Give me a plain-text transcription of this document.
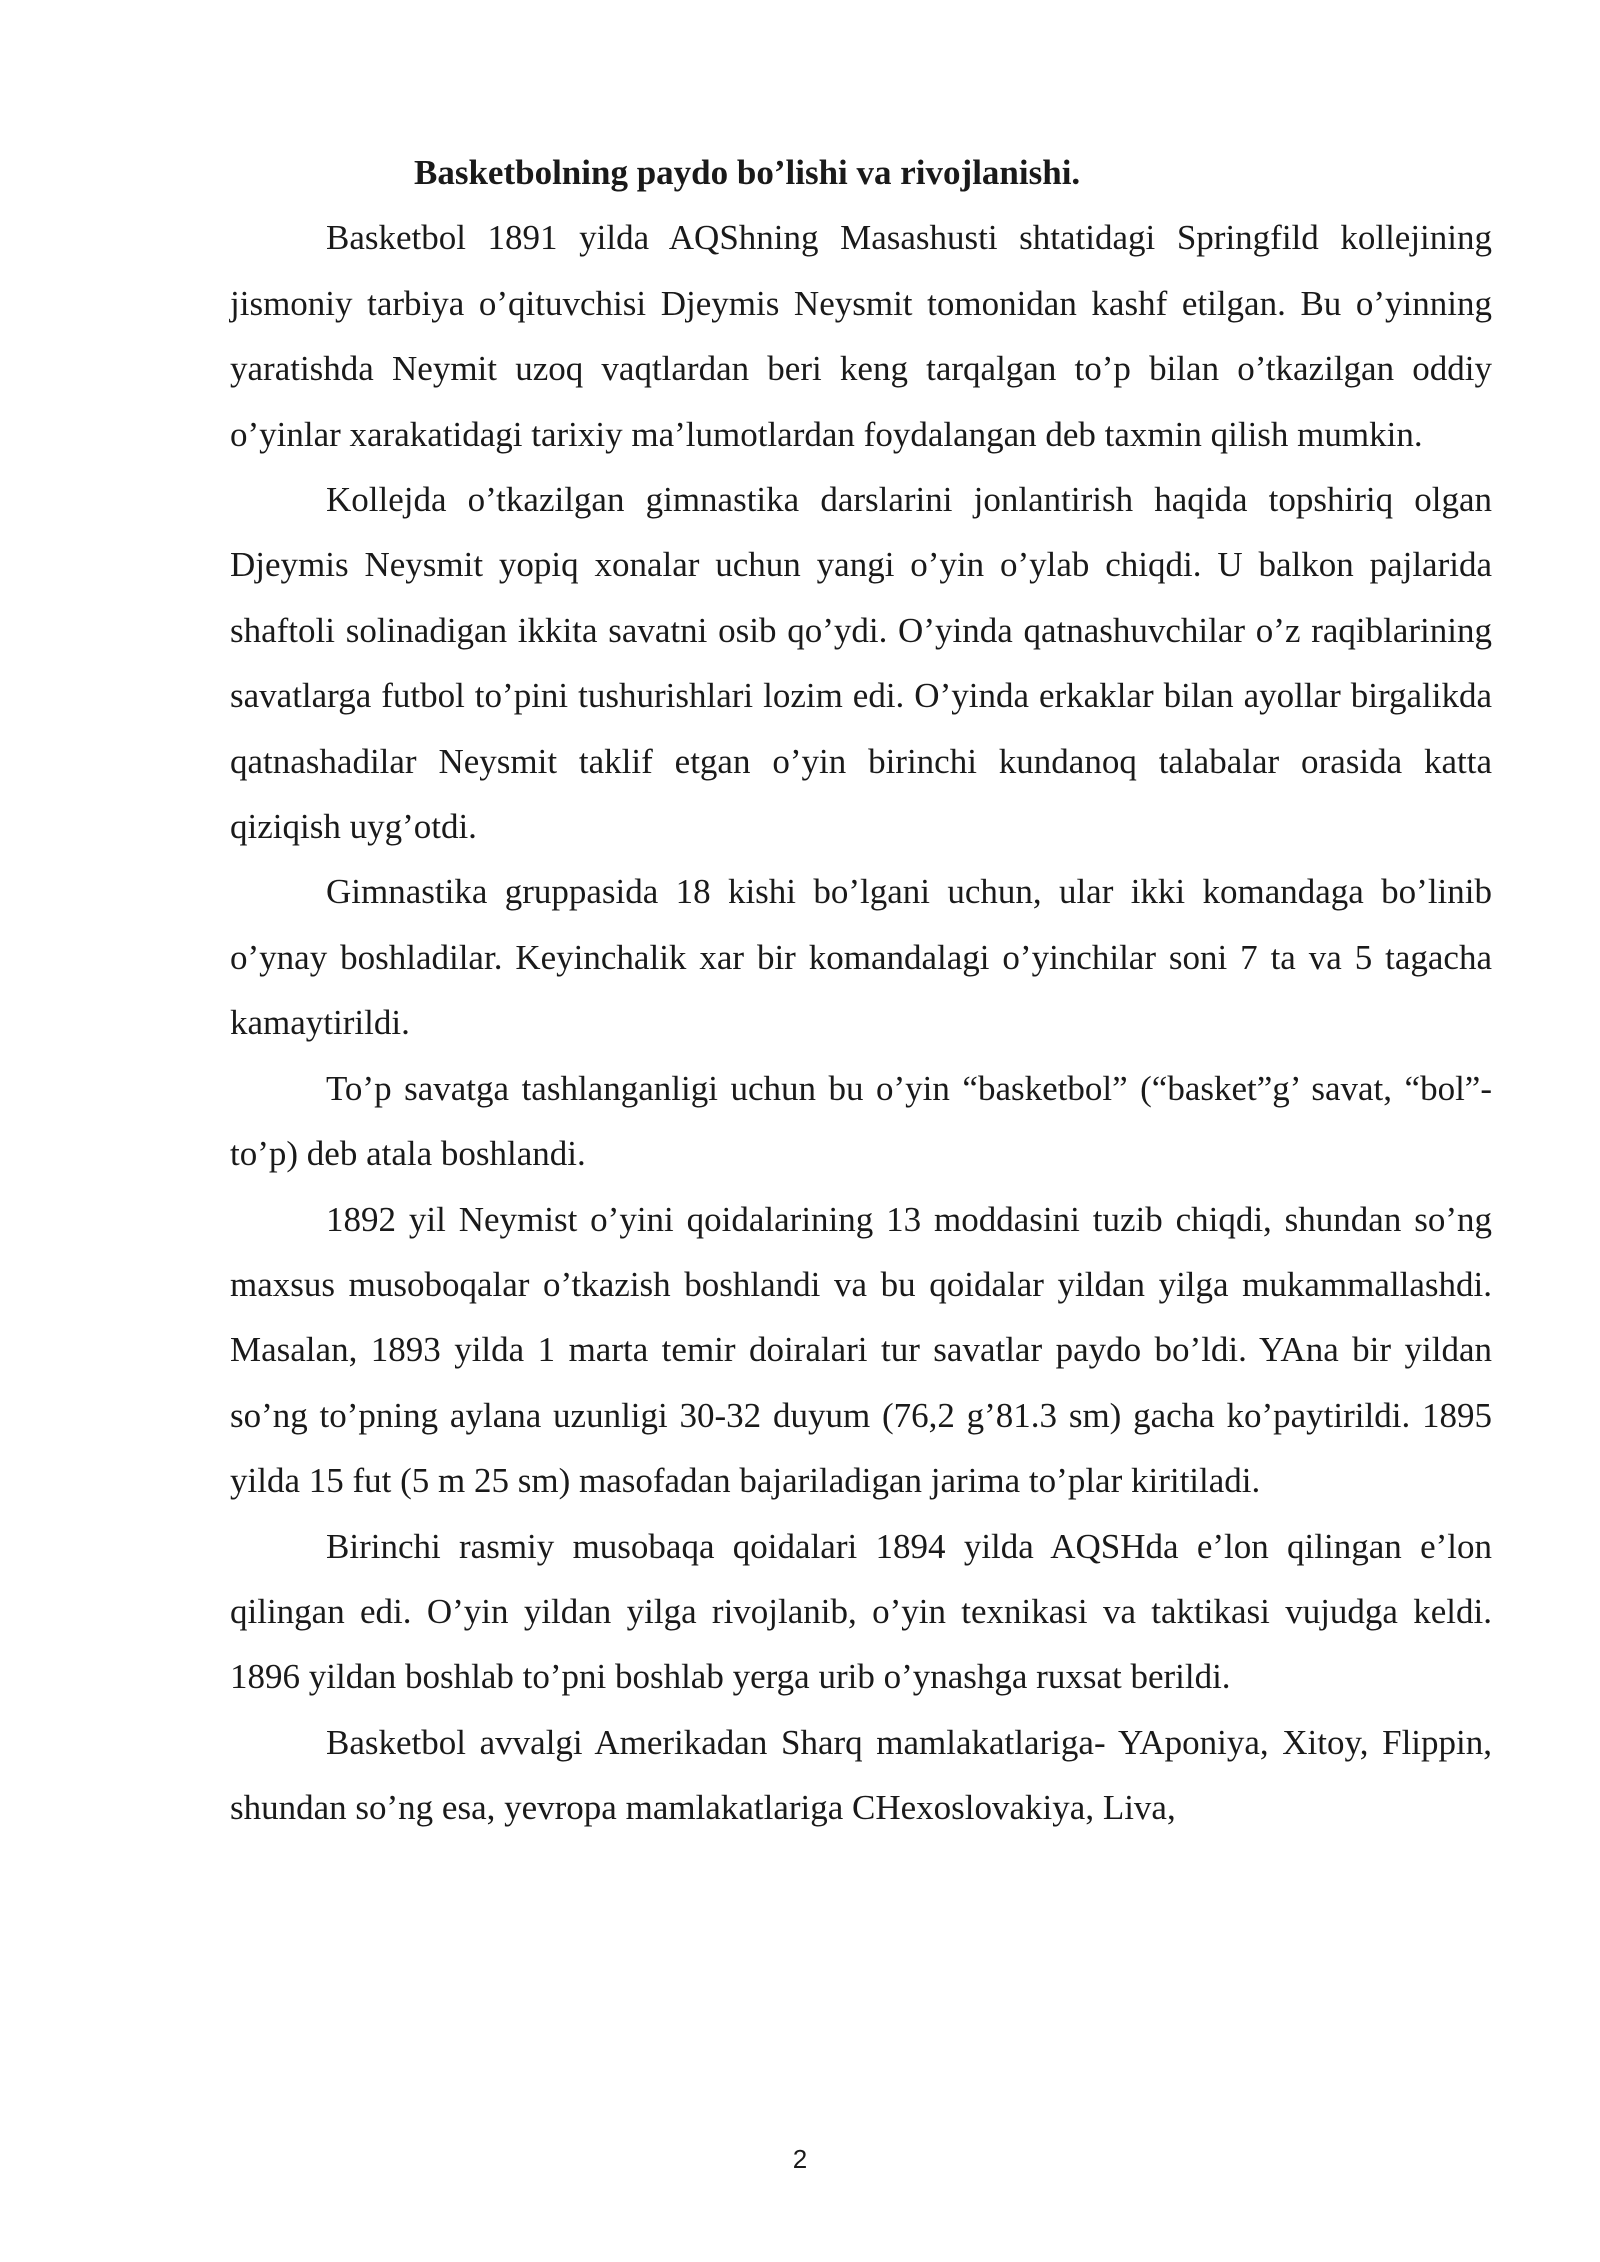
Basketbolning paydo bo’lishi va rivojlanishi.

Basketbol 1891 yilda AQShning Masashusti shtatidagi Springfild kollejining jismoniy tarbiya o’qituvchisi Djeymis Neysmit tomonidan kashf etilgan. Bu o’yinning yaratishda Neymit uzoq vaqtlardan beri keng tarqalgan to’p bilan o’tkazilgan oddiy o’yinlar xarakatidagi tarixiy ma’lumotlardan foydalangan deb taxmin qilish mumkin.

Kollejda o’tkazilgan gimnastika darslarini jonlantirish haqida topshiriq olgan Djeymis Neysmit yopiq xonalar uchun yangi o’yin o’ylab chiqdi. U balkon pajlarida shaftoli solinadigan ikkita savatni osib qo’ydi. O’yinda qatnashuvchilar o’z raqiblarining savatlarga futbol to’pini tushurishlari lozim edi. O’yinda erkaklar bilan ayollar birgalikda qatnashadilar Neysmit taklif etgan o’yin birinchi kundanoq talabalar orasida katta qiziqish uyg’otdi.

Gimnastika gruppasida 18 kishi bo’lgani uchun, ular ikki komandaga bo’linib o’ynay boshladilar. Keyinchalik xar bir komandalagi o’yinchilar soni 7 ta va 5 tagacha kamaytirildi.

To’p savatga tashlanganligi uchun bu o’yin “basketbol” (“basket”g’ savat, “bol”-to’p) deb atala boshlandi.

1892 yil Neymist o’yini qoidalarining 13 moddasini tuzib chiqdi, shundan so’ng maxsus musoboqalar o’tkazish boshlandi va bu qoidalar yildan yilga mukammallashdi. Masalan, 1893 yilda 1 marta temir doiralari tur savatlar paydo bo’ldi. YAna bir yildan so’ng to’pning aylana uzunligi 30-32 duyum (76,2 g’81.3 sm) gacha ko’paytirildi. 1895 yilda 15 fut (5 m 25 sm) masofadan bajariladigan jarima to’plar kiritiladi.

Birinchi rasmiy musobaqa qoidalari 1894 yilda AQSHda e’lon qilingan e’lon qilingan edi. O’yin yildan yilga rivojlanib, o’yin texnikasi va taktikasi vujudga keldi. 1896 yildan boshlab to’pni boshlab yerga urib o’ynashga ruxsat berildi.

Basketbol avvalgi Amerikadan Sharq mamlakatlariga- YAponiya, Xitoy, Flippin, shundan so’ng esa, yevropa mamlakatlariga CHexoslovakiya, Liva,

2
